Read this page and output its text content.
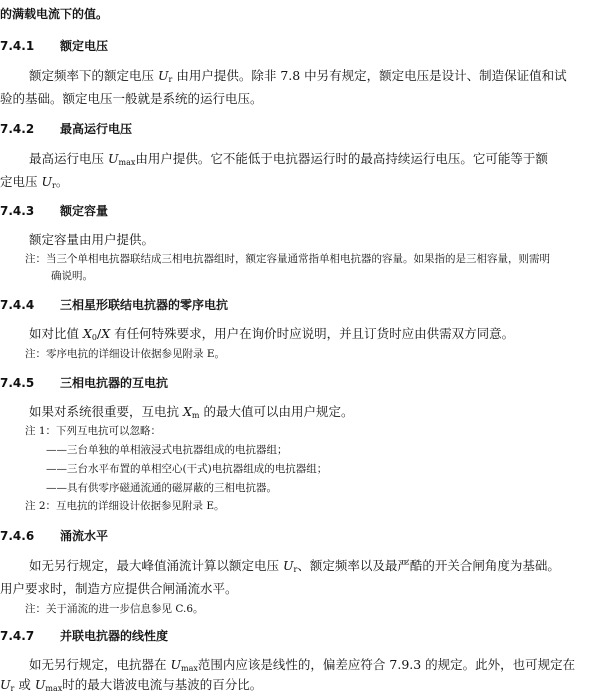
的满载电流下的值。
7.4.1 额定电压
额定频率下的额定电压 $U_r$ 由用户提供。除非 7.8 中另有规定，额定电压是设计、制造保证值和试
验的基础。额定电压一般就是系统的运行电压。
7.4.2 最高运行电压
最高运行电压 $U_{max}$由用户提供。它不能低于电抗器运行时的最高持续运行电压。它可能等于额
定电压 $U_r$。
7.4.3 额定容量
额定容量由用户提供。
注：当三个单相电抗器联结成三相电抗器组时，额定容量通常指单相电抗器的容量。如果指的是三相容量，则需明
确说明。
7.4.4 三相星形联结电抗器的零序电抗
如对比值 $X_0/X$ 有任何特殊要求，用户在询价时应说明，并且订货时应由供需双方同意。
注：零序电抗的详细设计依据参见附录 E。
7.4.5 三相电抗器的互电抗
如果对系统很重要，互电抗 $X_m$ 的最大值可以由用户规定。
注 1：下列互电抗可以忽略：
——三台单独的单相液浸式电抗器组成的电抗器组；
——三台水平布置的单相空心(干式)电抗器组成的电抗器组；
——具有供零序磁通流通的磁屏蔽的三相电抗器。
注 2：互电抗的详细设计依据参见附录 E。
7.4.6 涌流水平
如无另行规定，最大峰值涌流计算以额定电压 $U_r$、额定频率以及最严酷的开关合闸角度为基础。
用户要求时，制造方应提供合闸涌流水平。
注：关于涌流的进一步信息参见 C.6。
7.4.7 并联电抗器的线性度
如无另行规定，电抗器在 $U_{max}$范围内应该是线性的，偏差应符合 7.9.3 的规定。此外，也可规定在
$U_r$ 或 $U_{max}$时的最大谐波电流与基波的百分比。
